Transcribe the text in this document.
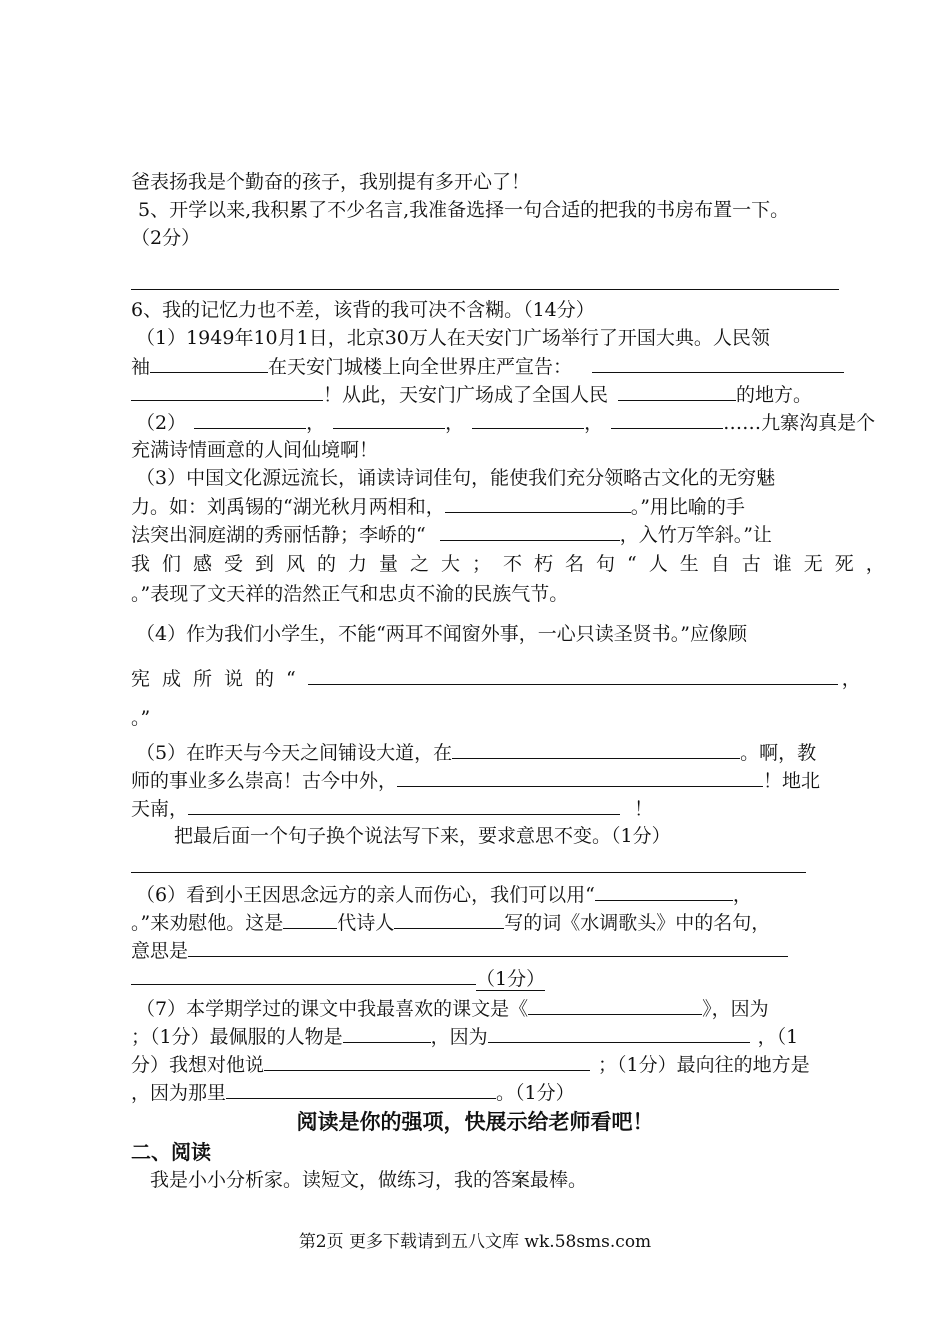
爸表扬我是个勤奋的孩子，我别提有多开心了！
5、开学以来,我积累了不少名言,我准备选择一句合适的把我的书房布置一下。
（2分）
6、我的记忆力也不差，该背的我可决不含糊。（14分）
（1）1949年10月1日，北京30万人在天安门广场举行了开国大典。人民领
袖	在天安门城楼上向全世界庄严宣告：
！从此，天安门广场成了全国人民	的地方。
（2）	，	，	，	……九寨沟真是个
充满诗情画意的人间仙境啊！
（3）中国文化源远流长，诵读诗词佳句，能使我们充分领略古文化的无穷魅
力。如：刘禹锡的“湖光秋月两相和，	。”用比喻的手
法突出洞庭湖的秀丽恬静；李峤的“	，入竹万竿斜。”让
我们感受到风的力量之大；不朽名句“人生自古谁无死，
。”表现了文天祥的浩然正气和忠贞不渝的民族气节。
（4）作为我们小学生，不能“两耳不闻窗外事，一心只读圣贤书。”应像顾
宪成所说的“	，
。”
（5）在昨天与今天之间铺设大道，在	。啊，教
师的事业多么崇高！古今中外，	！地北
天南，	！
把最后面一个句子换个说法写下来，要求意思不变。（1分）
（6）看到小王因思念远方的亲人而伤心，我们可以用“	，
。”来劝慰他。这是	代诗人	写的词《水调歌头》中的名句，
意思是
（1分）
（7）本学期学过的课文中我最喜欢的课文是《	》，因为
；（1分）最佩服的人物是	，因为	，（1
分）我想对他说	；（1分）最向往的地方是
，因为那里	。（1分）
阅读是你的强项，快展示给老师看吧！
二、阅读
我是小小分析家。读短文，做练习，我的答案最棒。
第2页 更多下载请到五八文库 wk.58sms.com
